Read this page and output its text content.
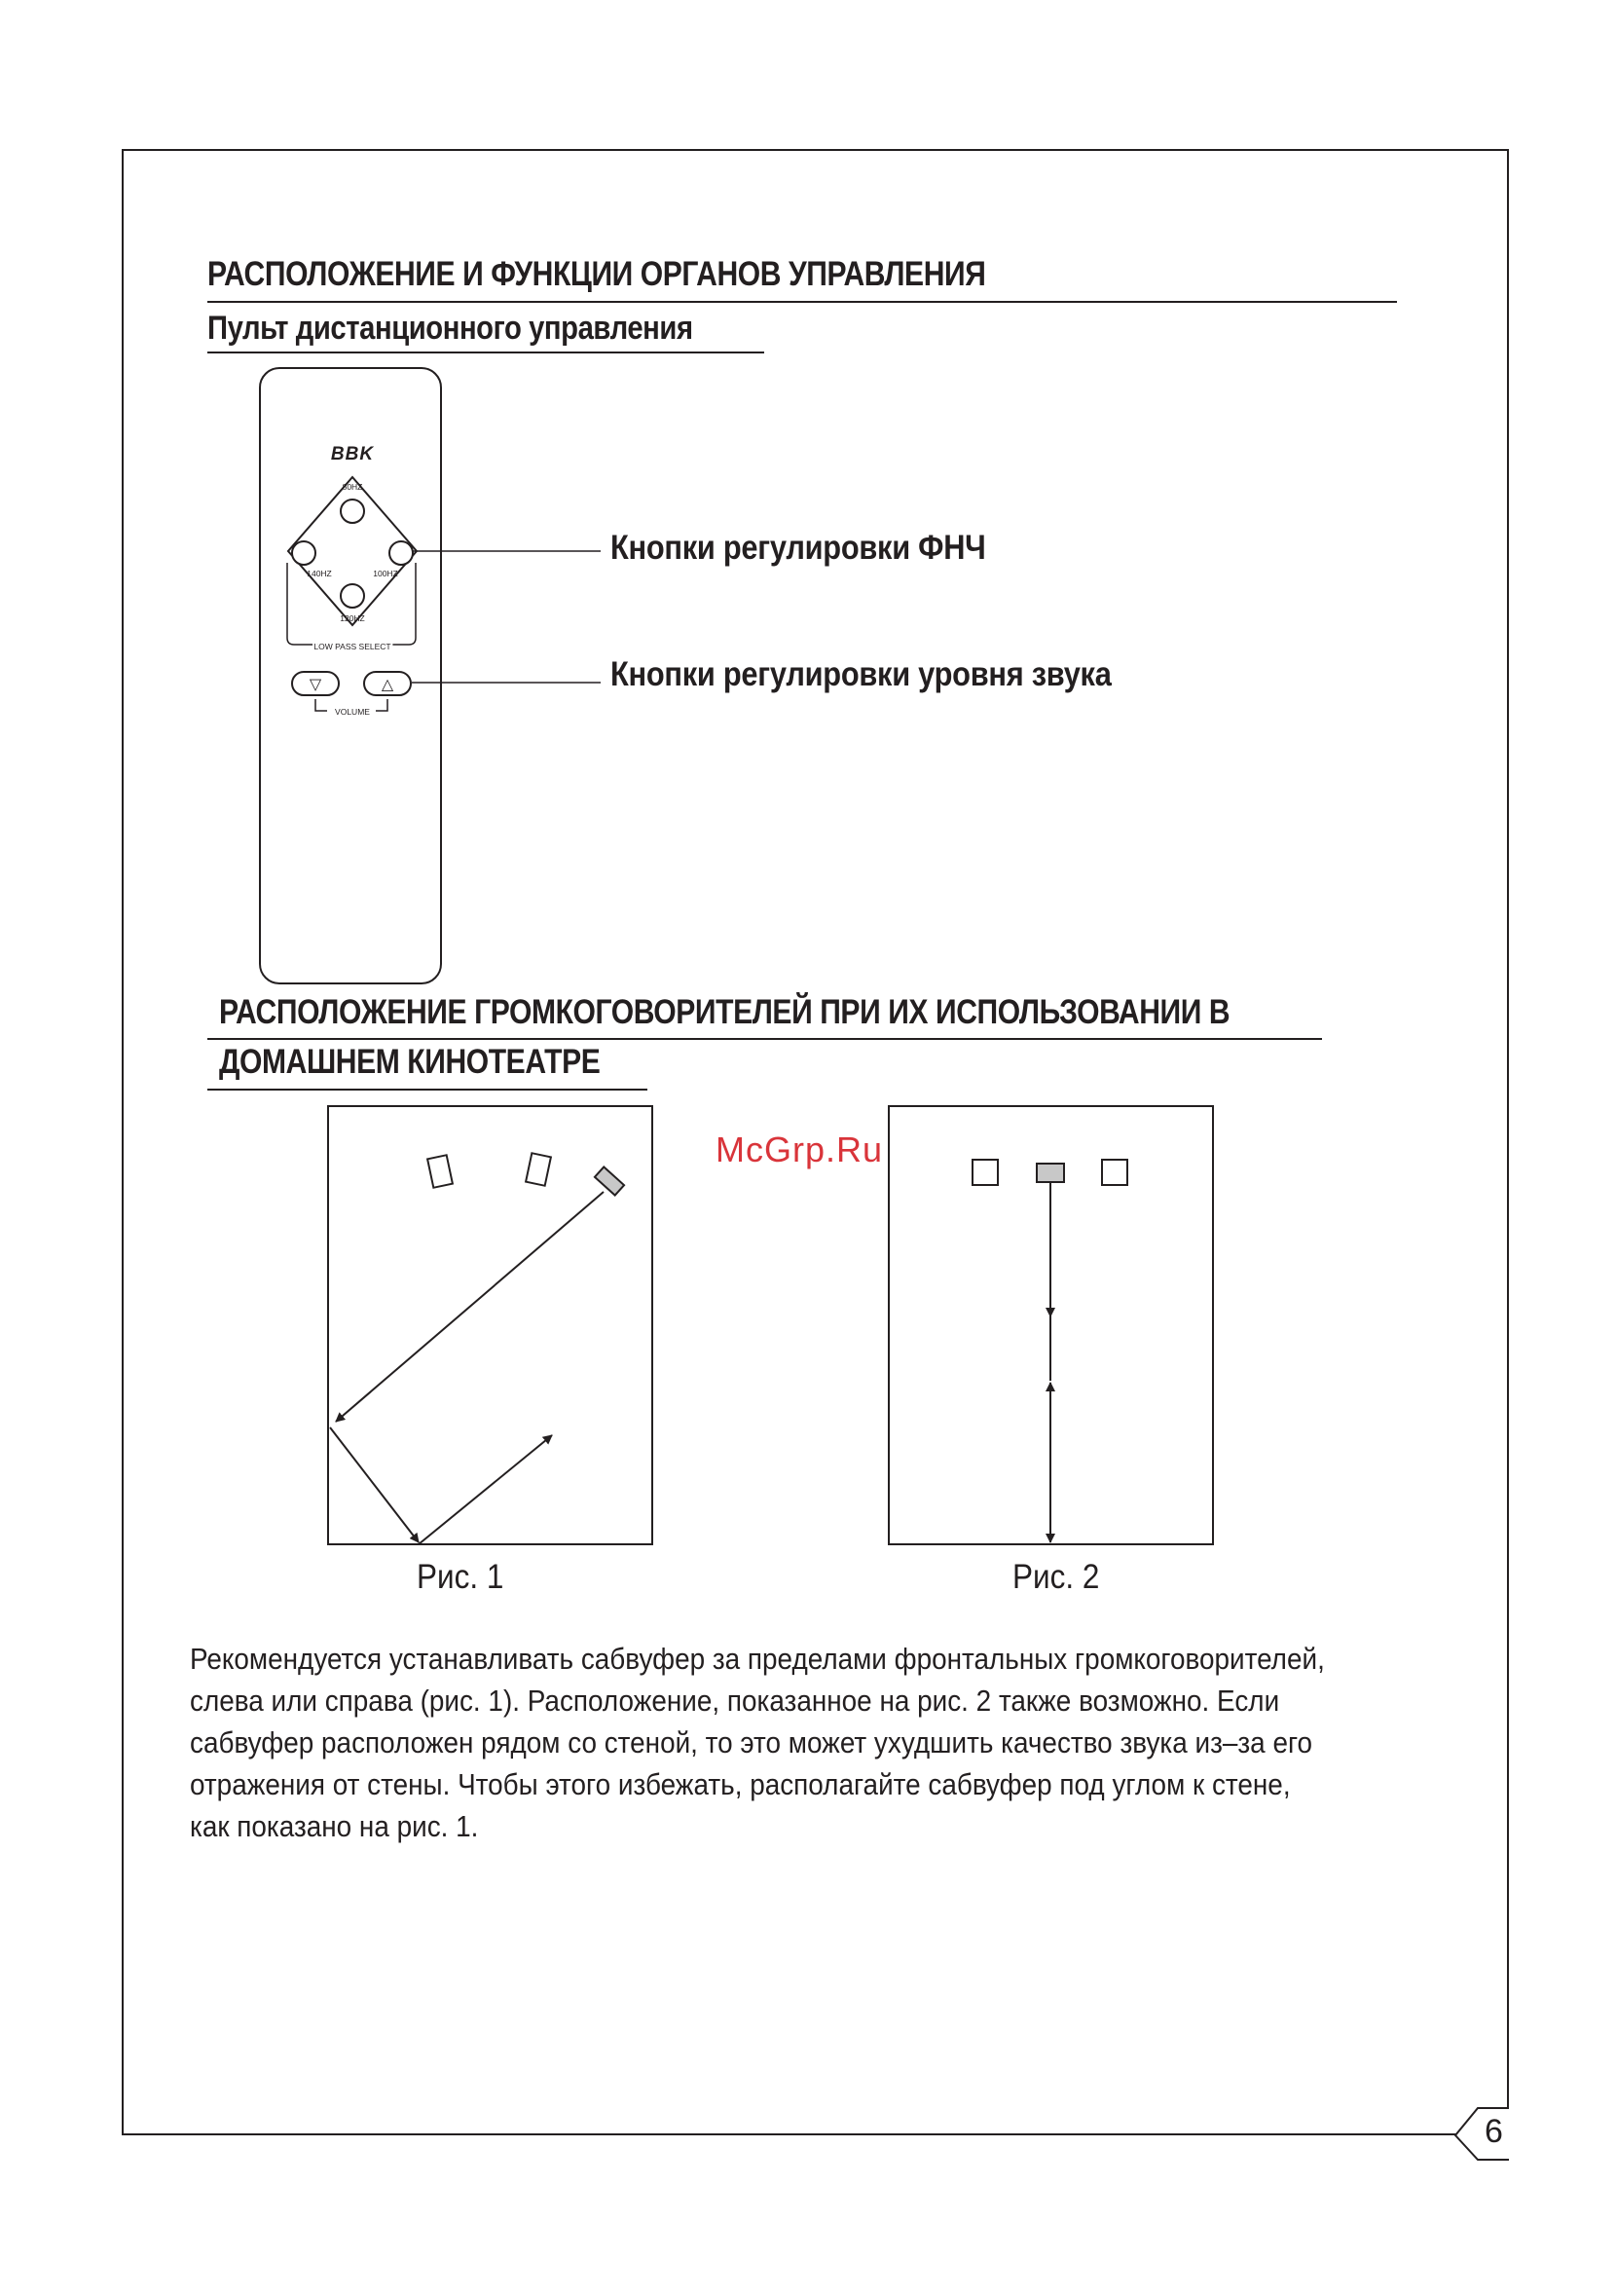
РАСПОЛОЖЕНИЕ И ФУНКЦИИ ОРГАНОВ УПРАВЛЕНИЯ
Пульт дистанционного управления
BBK
80HZ
140HZ	100HZ
120HZ
LOW PASS SELECT
▽	△
VOLUME
Кнопки регулировки ФНЧ
Кнопки регулировки уровня звука
РАСПОЛОЖЕНИЕ ГРОМКОГОВОРИТЕЛЕЙ ПРИ ИХ ИСПОЛЬЗОВАНИИ В
ДОМАШНЕМ КИНОТЕАТРЕ
McGrp.Ru
Рис. 1	Рис. 2
Рекомендуется устанавливать сабвуфер за пределами фронтальных громкоговорителей,
слева или справа (рис. 1). Расположение, показанное на рис. 2 также возможно. Если
сабвуфер расположен рядом со стеной, то это может ухудшить качество звука из–за его
отражения от стены. Чтобы этого избежать, располагайте сабвуфер под углом к стене,
как показано на рис. 1.
6
